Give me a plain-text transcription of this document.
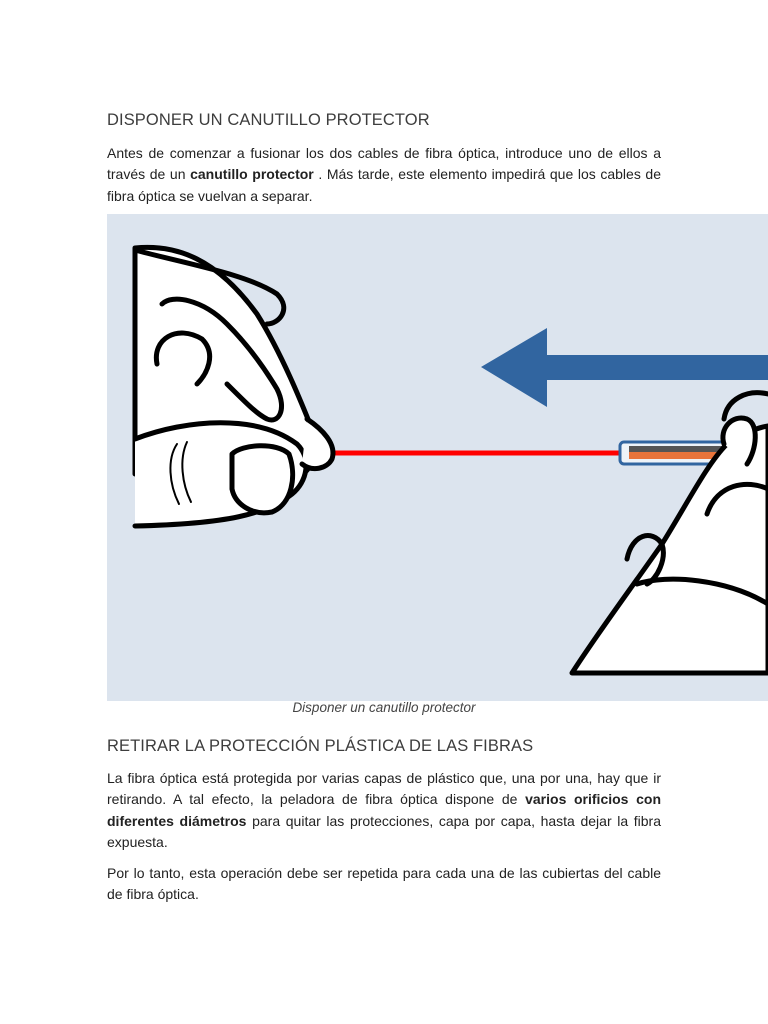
DISPONER UN CANUTILLO PROTECTOR

Antes de comenzar a fusionar los dos cables de fibra óptica, introduce uno de ellos a través de un canutillo protector . Más tarde, este elemento impedirá que los cables de fibra óptica se vuelvan a separar.

RETIRAR LA PROTECCIÓN PLÁSTICA DE LAS FIBRAS

La fibra óptica está protegida por varias capas de plástico que, una por una, hay que ir retirando. A tal efecto, la peladora de fibra óptica dispone de varios orificios con diferentes diámetros para quitar las protecciones, capa por capa, hasta dejar la fibra expuesta.

Por lo tanto, esta operación debe ser repetida para cada una de las cubiertas del cable de fibra óptica.

Disponer un canutillo protector
